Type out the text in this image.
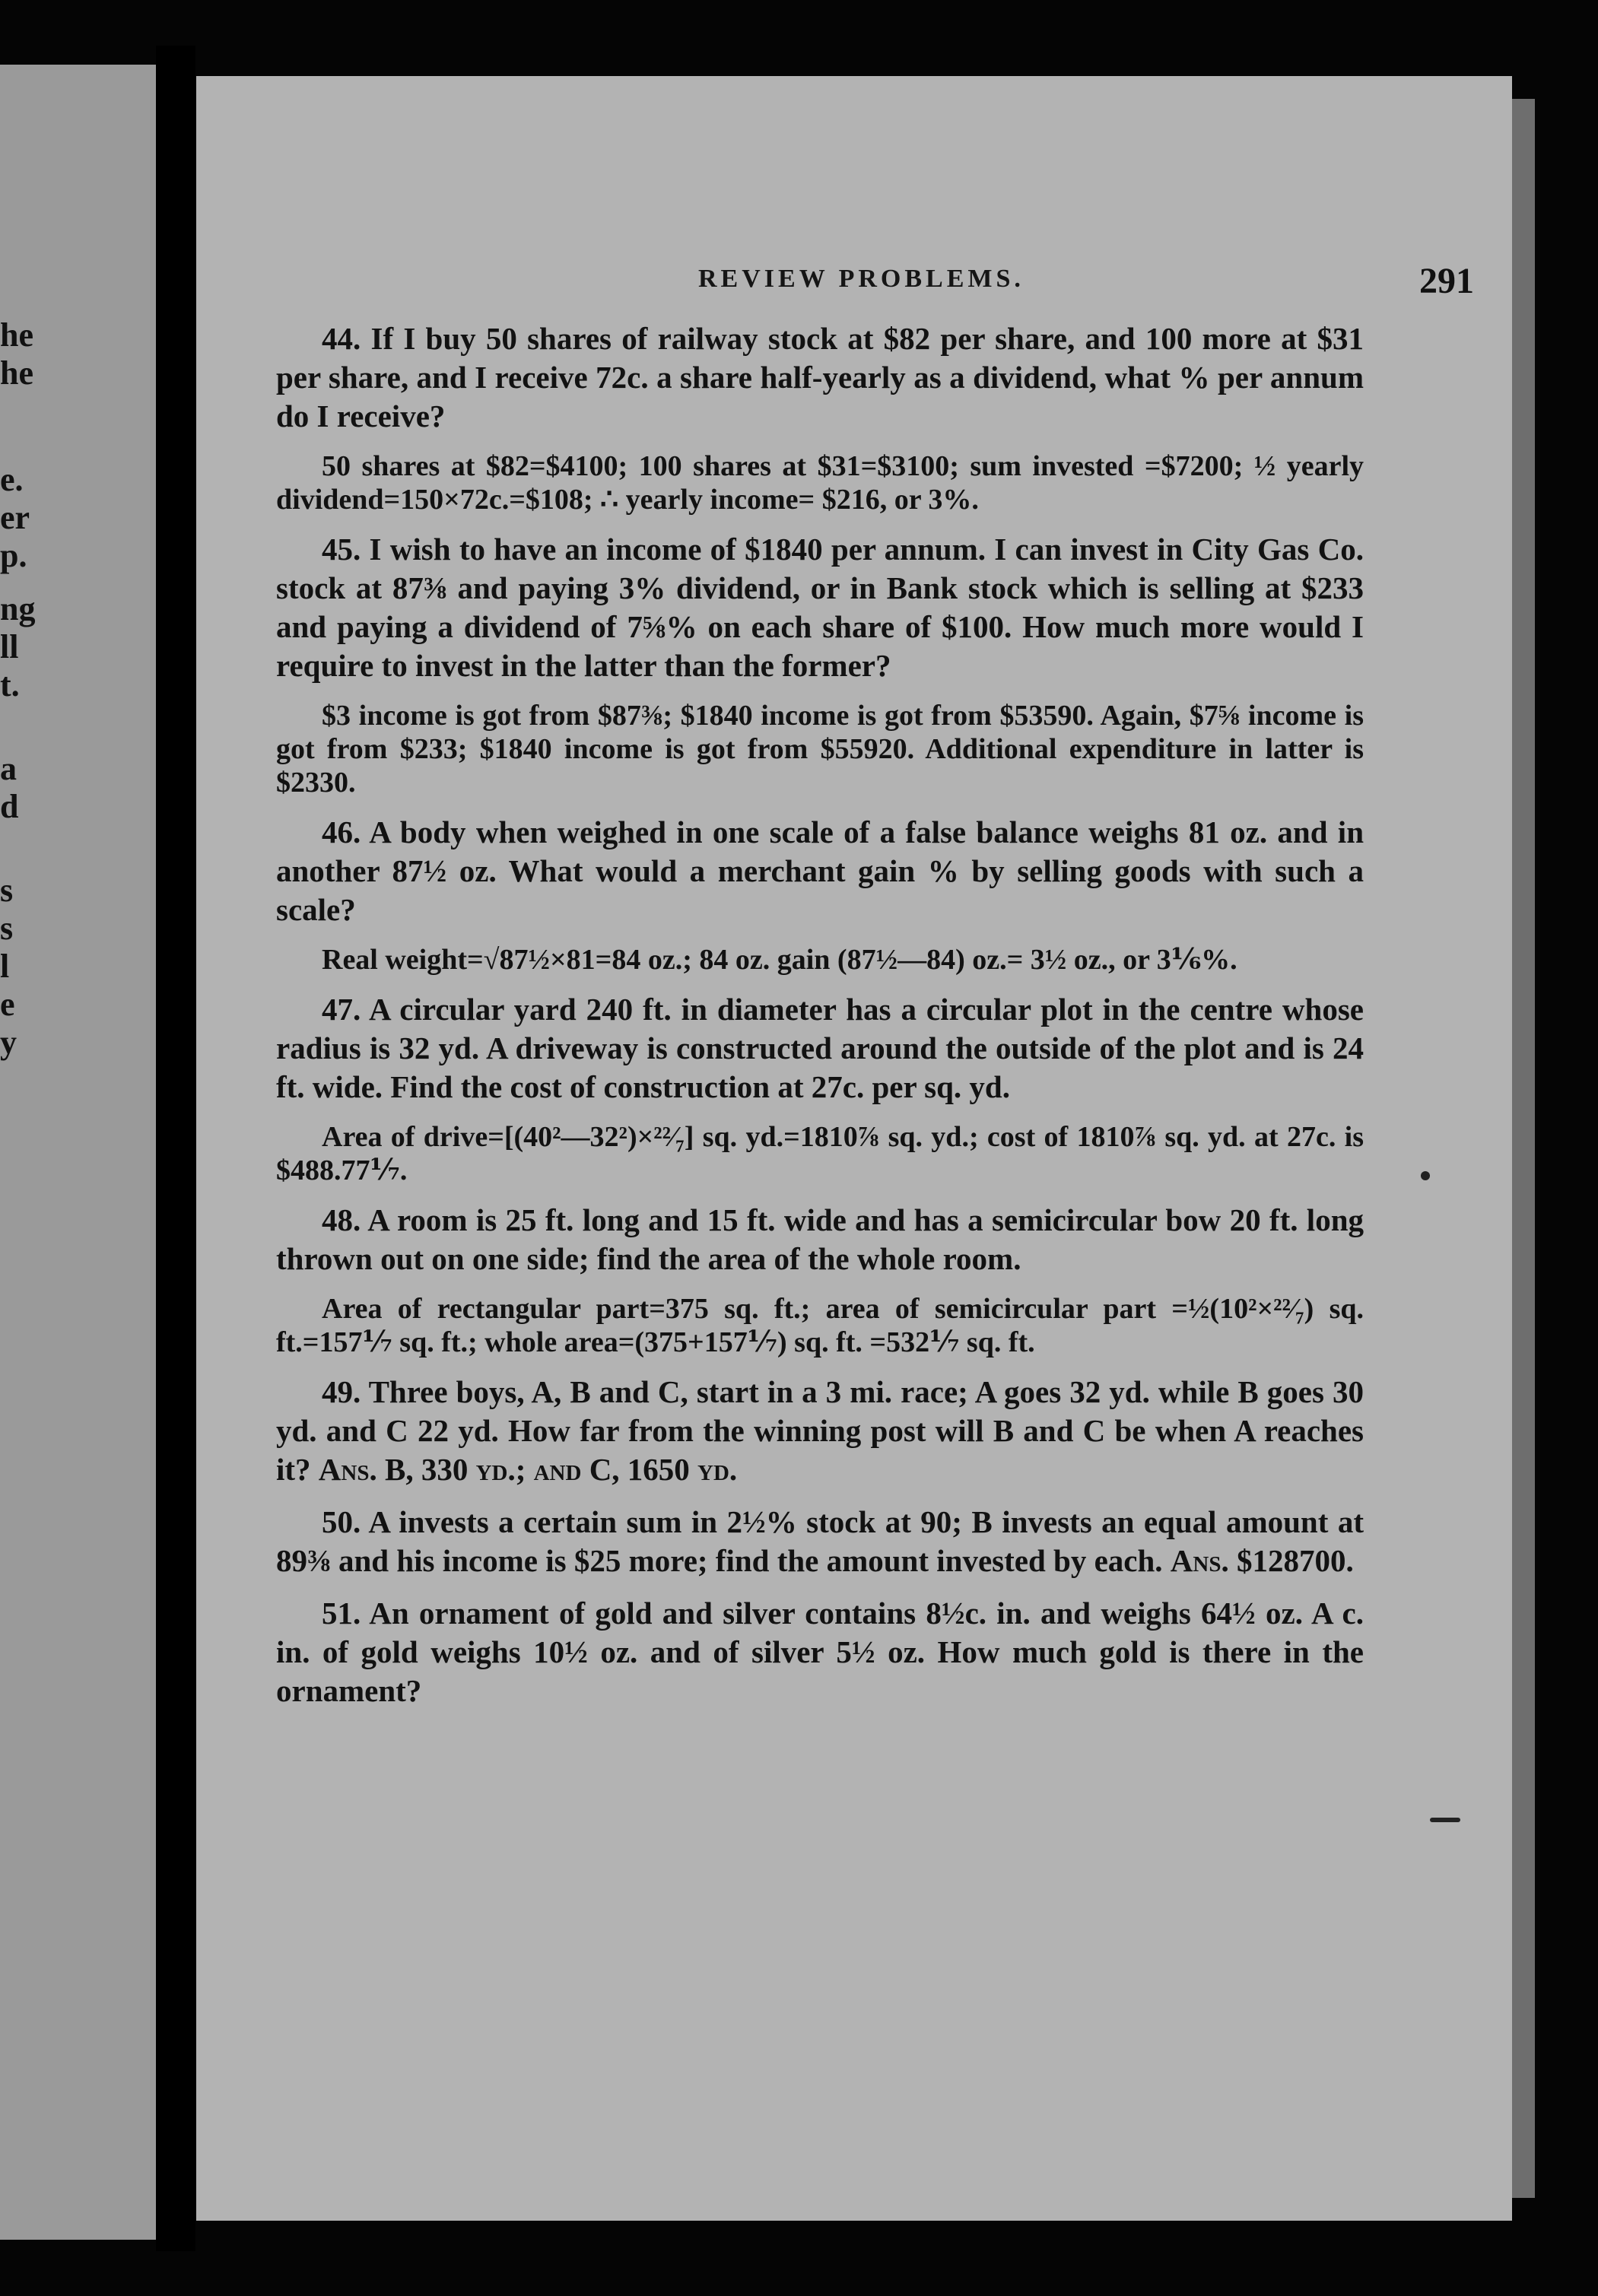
he
he
e.
er
p.
ng
ll
t.
a
d
s
s
l
e
y
REVIEW PROBLEMS.	291

44. If I buy 50 shares of railway stock at $82 per share, and 100 more at $31 per share, and I receive 72c. a share half-yearly as a dividend, what % per annum do I receive?

50 shares at $82=$4100; 100 shares at $31=$3100; sum invested =$7200; ½ yearly dividend=150×72c.=$108; ∴ yearly income= $216, or 3%.

45. I wish to have an income of $1840 per annum. I can invest in City Gas Co. stock at 87⅜ and paying 3% dividend, or in Bank stock which is selling at $233 and paying a dividend of 7⅝% on each share of $100. How much more would I require to invest in the latter than the former?

$3 income is got from $87⅜; $1840 income is got from $53590. Again, $7⅝ income is got from $233; $1840 income is got from $55920. Additional expenditure in latter is $2330.

46. A body when weighed in one scale of a false balance weighs 81 oz. and in another 87½ oz. What would a merchant gain % by selling goods with such a scale?

Real weight=√87½×81=84 oz.; 84 oz. gain (87½—84) oz.= 3½ oz., or 3⅙%.

47. A circular yard 240 ft. in diameter has a circular plot in the centre whose radius is 32 yd. A driveway is constructed around the outside of the plot and is 24 ft. wide. Find the cost of construction at 27c. per sq. yd.

Area of drive=[(40²—32²)×²²⁄₇] sq. yd.=1810⅞ sq. yd.; cost of 1810⅞ sq. yd. at 27c. is $488.77⅐.

48. A room is 25 ft. long and 15 ft. wide and has a semicircular bow 20 ft. long thrown out on one side; find the area of the whole room.

Area of rectangular part=375 sq. ft.; area of semicircular part =½(10²×²²⁄₇) sq. ft.=157⅐ sq. ft.; whole area=(375+157⅐) sq. ft. =532⅐ sq. ft.

49. Three boys, A, B and C, start in a 3 mi. race; A goes 32 yd. while B goes 30 yd. and C 22 yd. How far from the winning post will B and C be when A reaches it? Ans. B, 330 yd.; and C, 1650 yd.

50. A invests a certain sum in 2½% stock at 90; B invests an equal amount at 89⅜ and his income is $25 more; find the amount invested by each. Ans. $128700.

51. An ornament of gold and silver contains 8½c. in. and weighs 64½ oz. A c. in. of gold weighs 10½ oz. and of silver 5½ oz. How much gold is there in the ornament?
